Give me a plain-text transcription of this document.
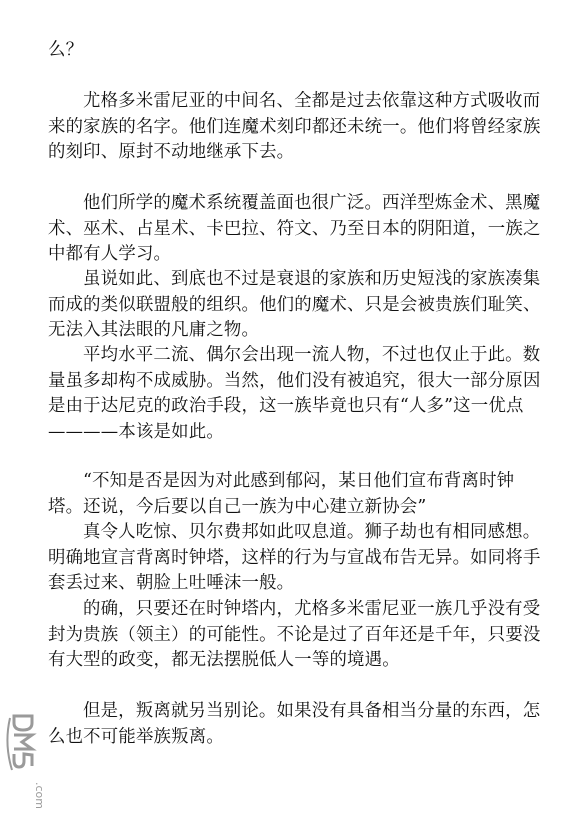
么？

尤格多米雷尼亚的中间名、全都是过去依靠这种方式吸收而来的家族的名字。他们连魔术刻印都还未统一。他们将曾经家族的刻印、原封不动地继承下去。

他们所学的魔术系统覆盖面也很广泛。西洋型炼金术、黑魔术、巫术、占星术、卡巴拉、符文、乃至日本的阴阳道，一族之中都有人学习。

虽说如此、到底也不过是衰退的家族和历史短浅的家族凑集而成的类似联盟般的组织。他们的魔术、只是会被贵族们耻笑、无法入其法眼的凡庸之物。

平均水平二流、偶尔会出现一流人物，不过也仅止于此。数量虽多却构不成威胁。当然，他们没有被追究，很大一部分原因是由于达尼克的政治手段，这一族毕竟也只有“人多”这一优点————本该是如此。

“不知是否是因为对此感到郁闷，某日他们宣布背离时钟塔。还说，今后要以自己一族为中心建立新协会”

真令人吃惊、贝尔费邦如此叹息道。狮子劫也有相同感想。明确地宣言背离时钟塔，这样的行为与宣战布告无异。如同将手套丢过来、朝脸上吐唾沫一般。

的确，只要还在时钟塔内，尤格多米雷尼亚一族几乎没有受封为贵族（领主）的可能性。不论是过了百年还是千年，只要没有大型的政变，都无法摆脱低人一等的境遇。

但是，叛离就另当别论。如果没有具备相当分量的东西，怎么也不可能举族叛离。

.com
